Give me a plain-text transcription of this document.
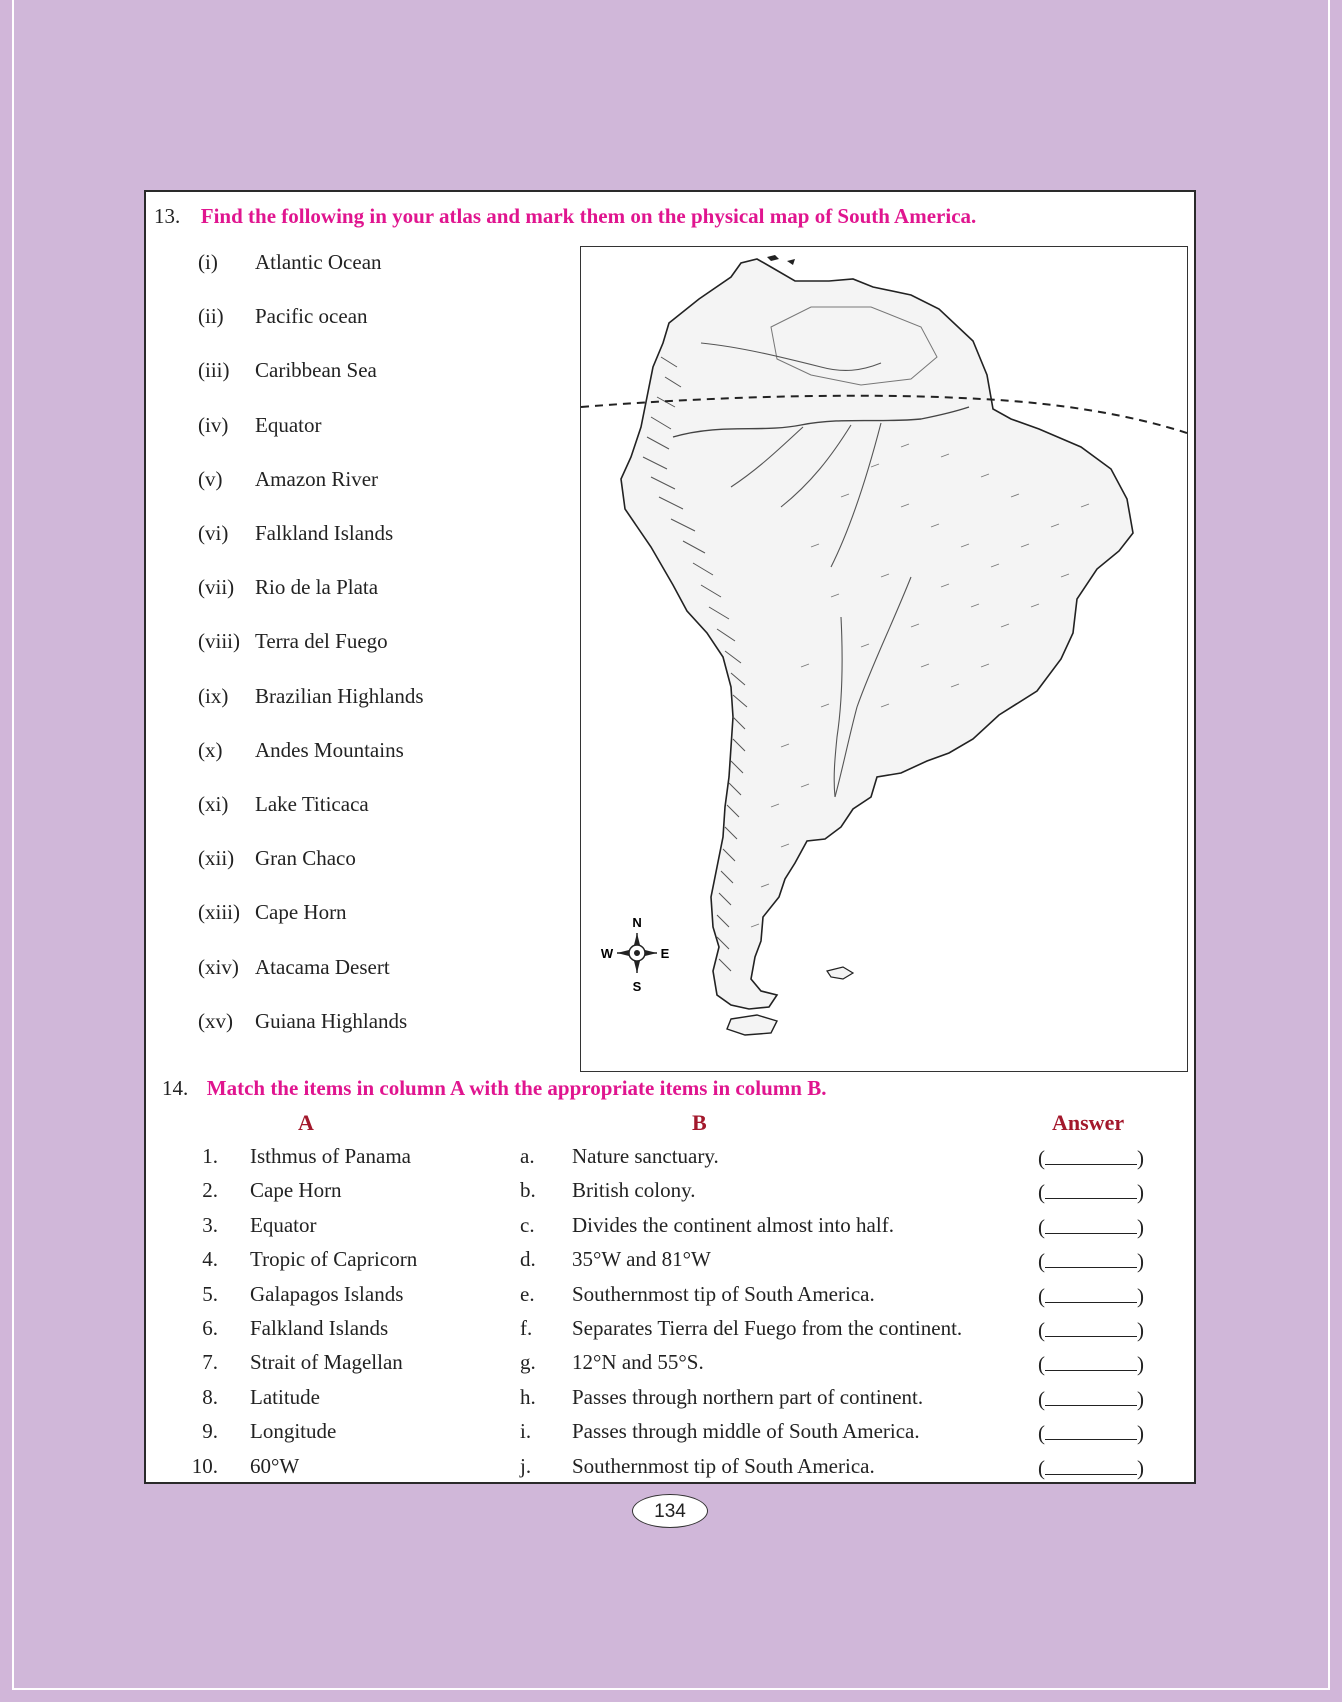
13. Find the following in your atlas and mark them on the physical map of South America.
(i) Atlantic Ocean
(ii) Pacific ocean
(iii) Caribbean Sea
(iv) Equator
(v) Amazon River
(vi) Falkland Islands
(vii) Rio de la Plata
(viii) Terra del Fuego
(ix) Brazilian Highlands
(x) Andes Mountains
(xi) Lake Titicaca
(xii) Gran Chaco
(xiii) Cape Horn
(xiv) Atacama Desert
(xv) Guiana Highlands
N
S
E
W
14. Match the items in column A with the appropriate items in column B.
A	B	Answer
1. Isthmus of Panama	a. Nature sanctuary.	(	)
2. Cape Horn	b. British colony.	(	)
3. Equator	c. Divides the continent almost into half.	(	)
4. Tropic of Capricorn	d. 35°W and 81°W	(	)
5. Galapagos Islands	e. Southernmost tip of South America.	(	)
6. Falkland Islands	f. Separates Tierra del Fuego from the continent.	(	)
7. Strait of Magellan	g. 12°N and 55°S.	(	)
8. Latitude	h. Passes through northern part of continent.	(	)
9. Longitude	i. Passes through middle of South America.	(	)
10. 60°W	j. Southernmost tip of South America.	(	)
134
